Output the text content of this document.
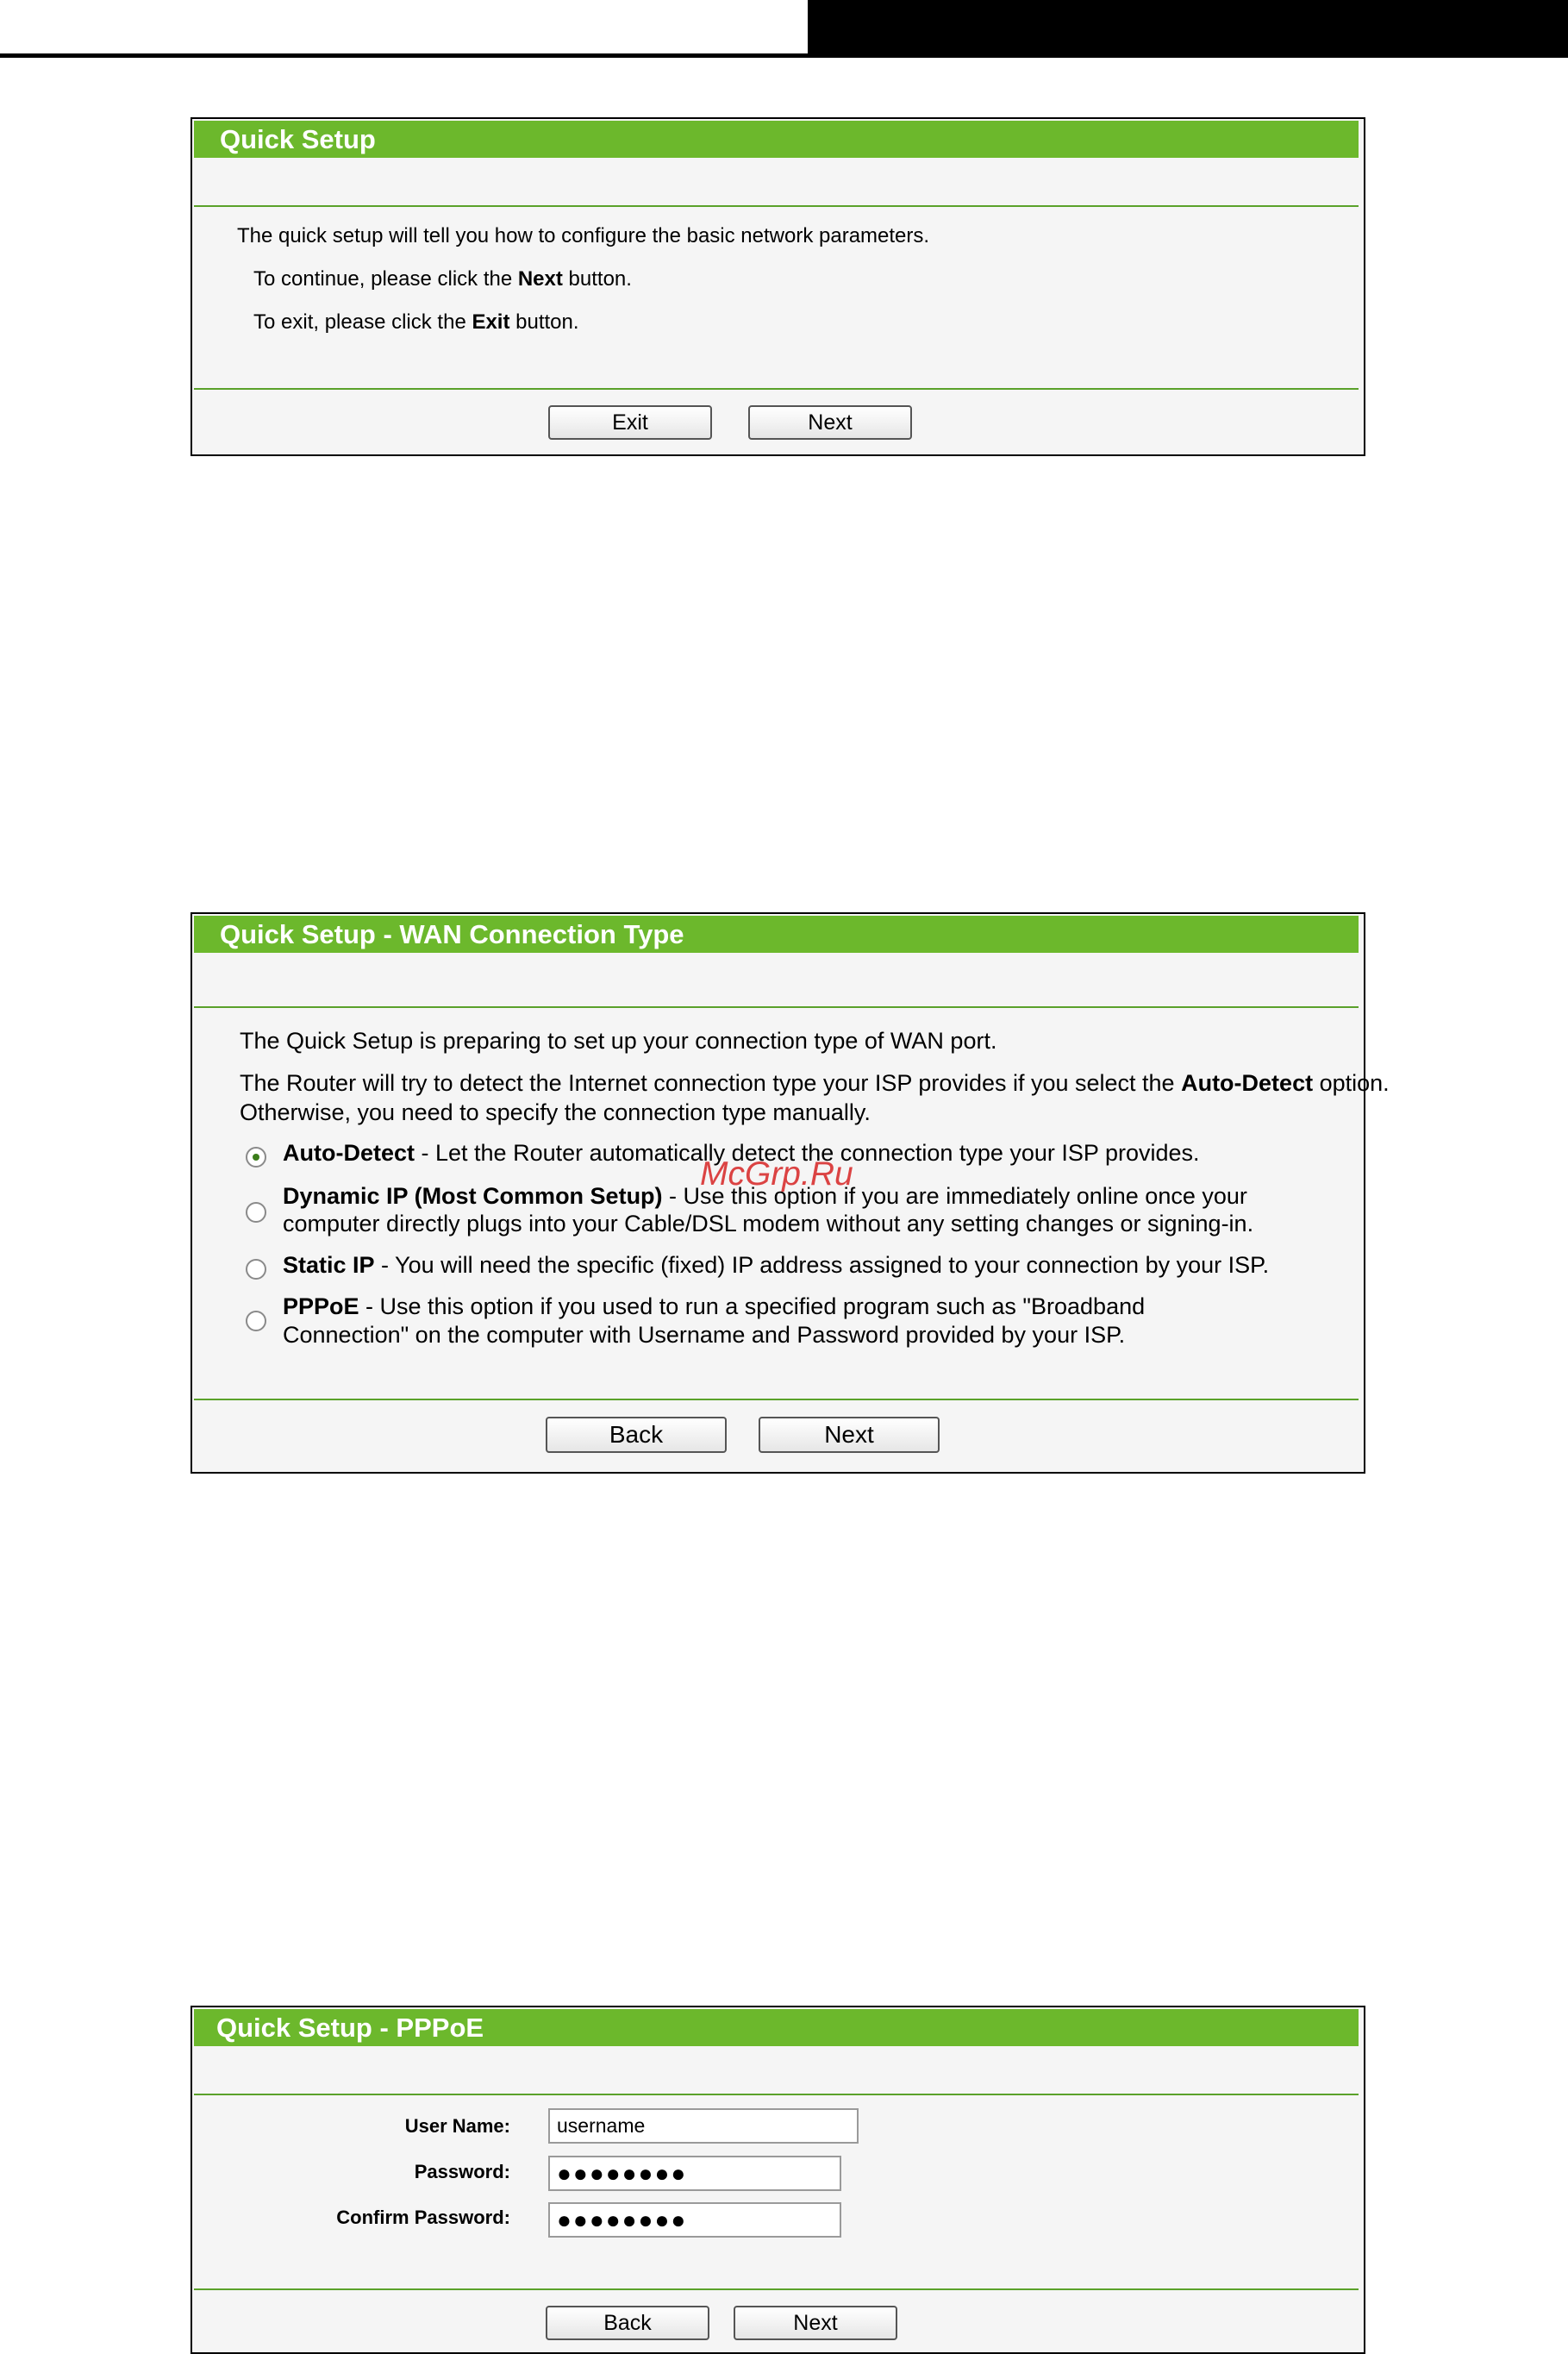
Quick Setup
The quick setup will tell you how to configure the basic network parameters.
To continue, please click the Next button.
To exit, please click the Exit button.
Exit	Next
Quick Setup - WAN Connection Type
The Quick Setup is preparing to set up your connection type of WAN port.
The Router will try to detect the Internet connection type your ISP provides if you select the Auto-Detect option.
Otherwise, you need to specify the connection type manually.
Auto-Detect - Let the Router automatically detect the connection type your ISP provides.
Dynamic IP (Most Common Setup) - Use this option if you are immediately online once your
computer directly plugs into your Cable/DSL modem without any setting changes or signing-in.
Static IP - You will need the specific (fixed) IP address assigned to your connection by your ISP.
PPPoE - Use this option if you used to run a specified program such as "Broadband
Connection" on the computer with Username and Password provided by your ISP.
Back	Next
Quick Setup - PPPoE
User Name:
username
Password:
●●●●●●●●
Confirm Password:
●●●●●●●●
Back	Next
McGrp.Ru
